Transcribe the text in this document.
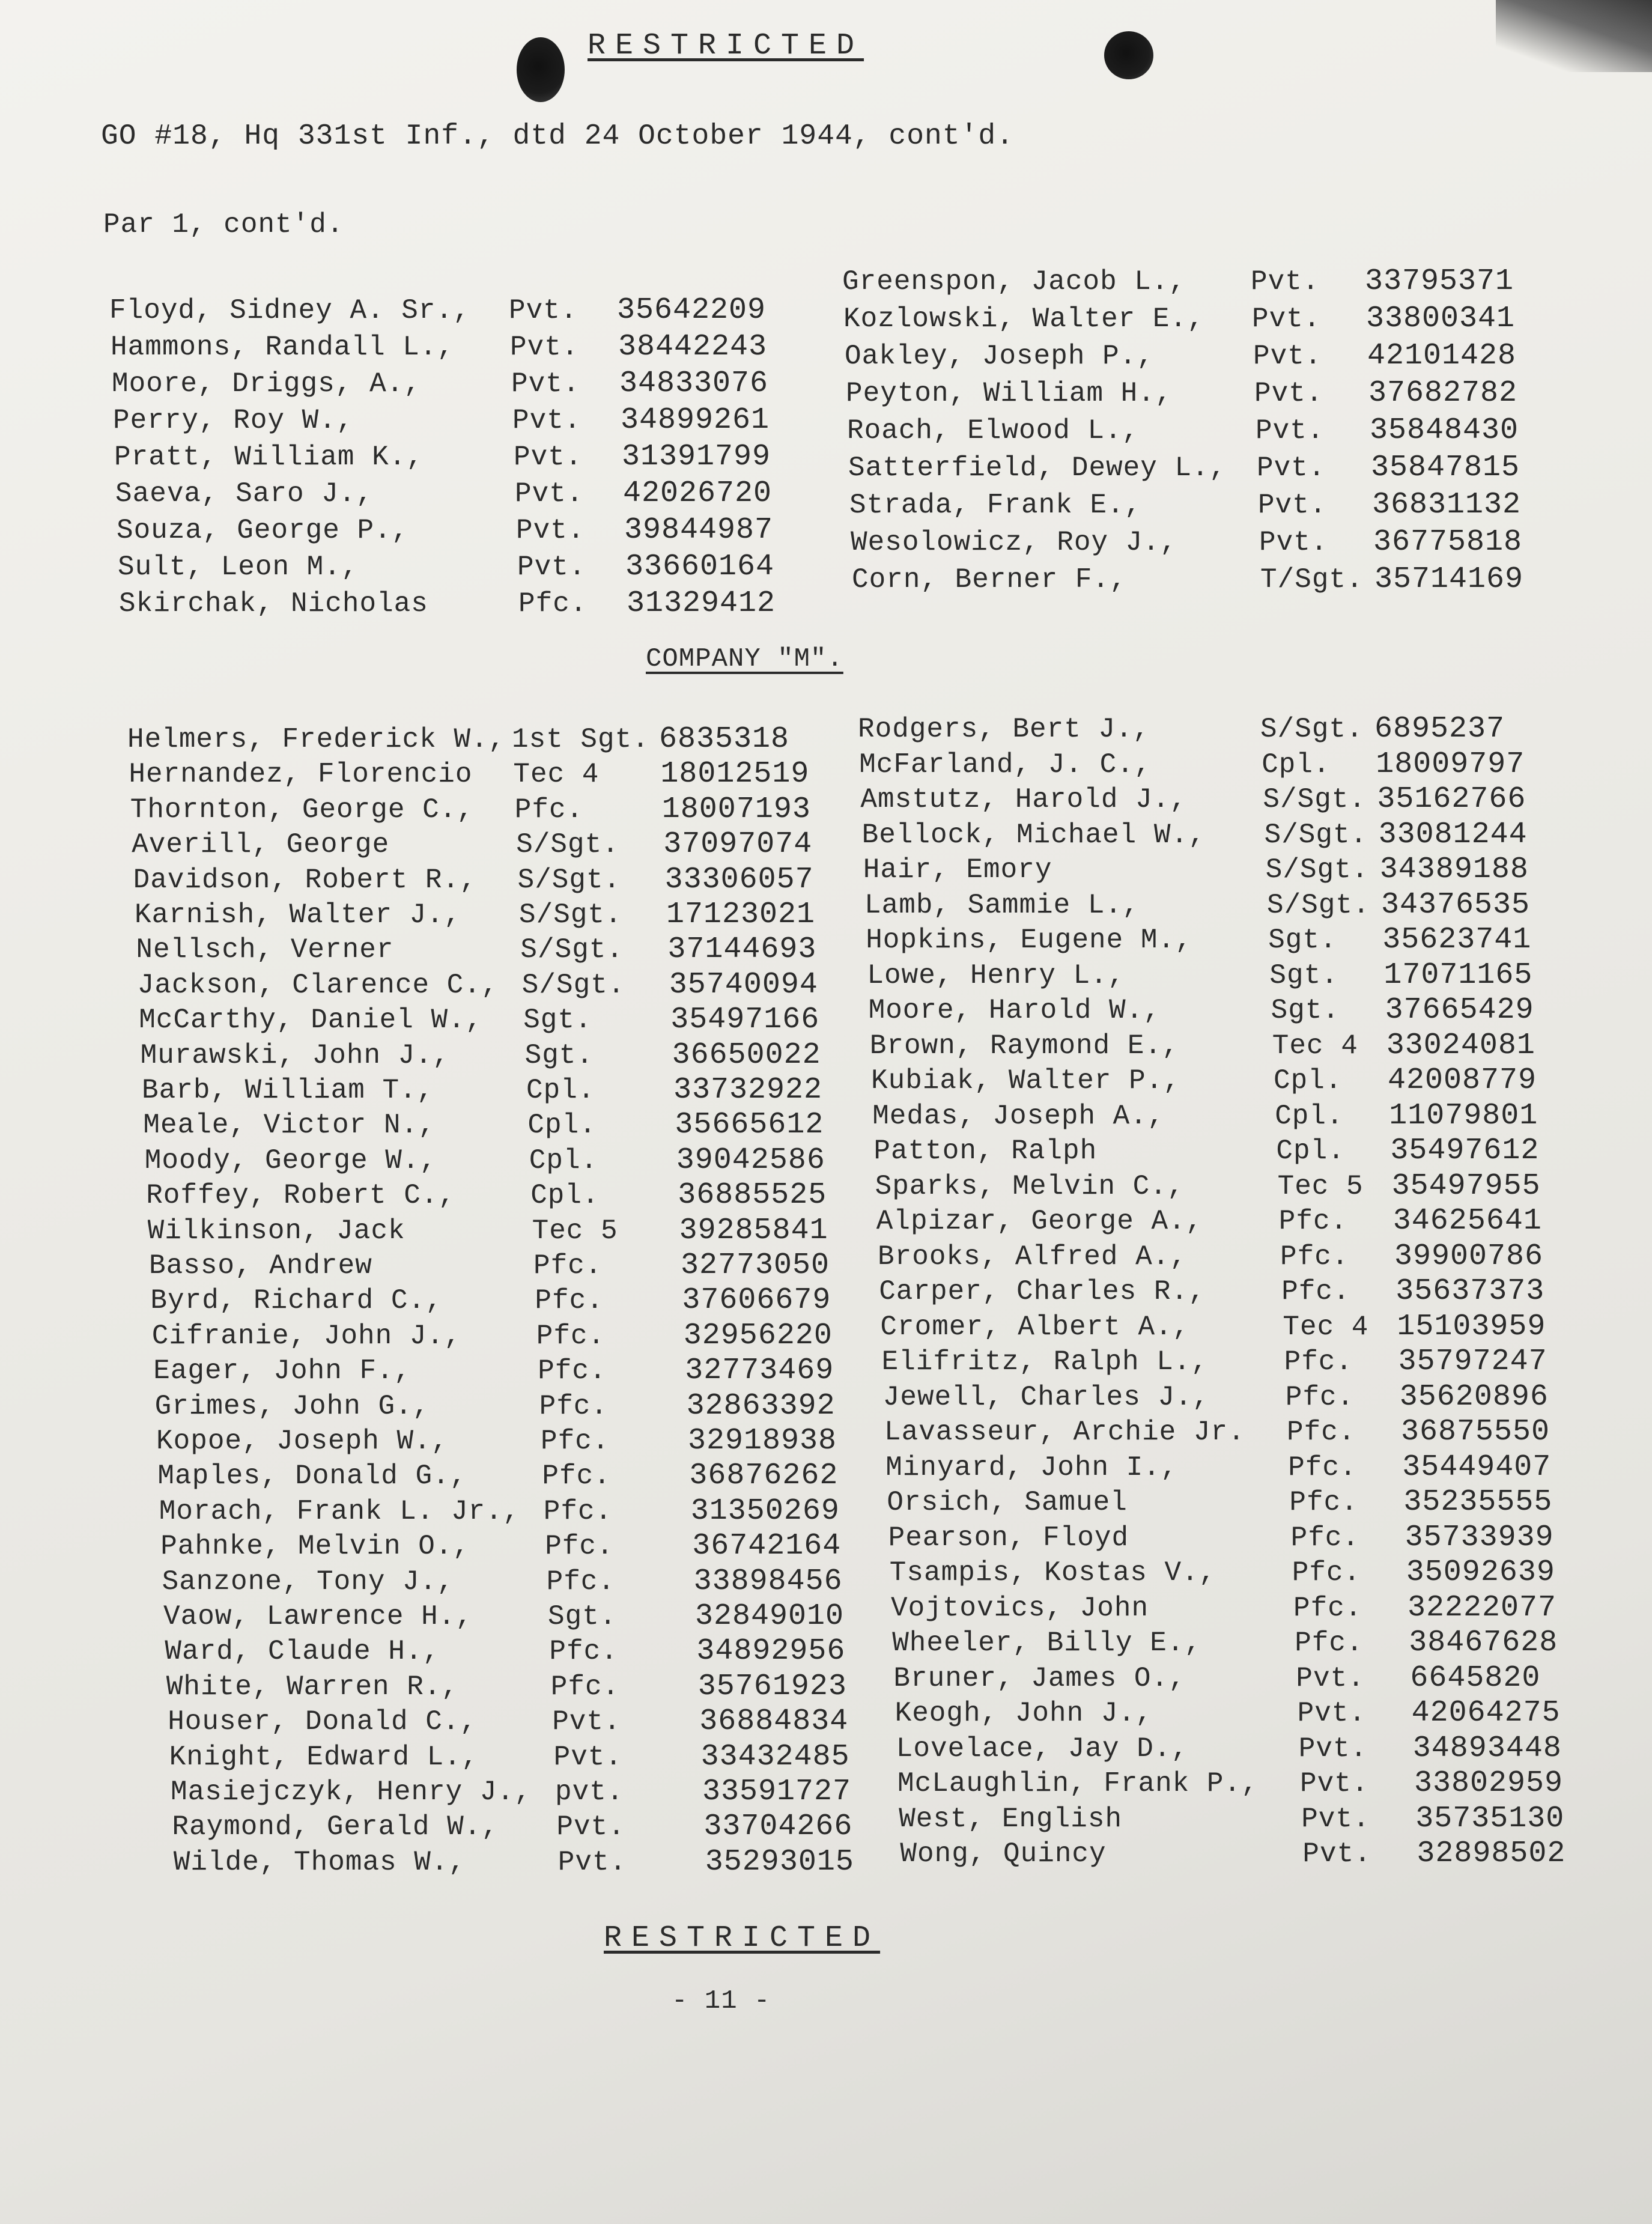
RESTRICTED
GO #18, Hq 331st Inf., dtd 24 October 1944, cont'd.
Par 1, cont'd.
Floyd, Sidney A. Sr.,	Pvt.	35642209
Hammons, Randall L.,	Pvt.	38442243
Moore, Driggs, A.,	Pvt.	34833076
Perry, Roy W.,	Pvt.	34899261
Pratt, William K.,	Pvt.	31391799
Saeva, Saro J.,	Pvt.	42026720
Souza, George P.,	Pvt.	39844987
Sult, Leon M.,	Pvt.	33660164
Skirchak, Nicholas	Pfc.	31329412
Greenspon, Jacob L.,	Pvt.	33795371
Kozlowski, Walter E.,	Pvt.	33800341
Oakley, Joseph P.,	Pvt.	42101428
Peyton, William H.,	Pvt.	37682782
Roach, Elwood L.,	Pvt.	35848430
Satterfield, Dewey L.,	Pvt.	35847815
Strada, Frank E.,	Pvt.	36831132
Wesolowicz, Roy J.,	Pvt.	36775818
Corn, Berner F.,	T/Sgt. 35714169
COMPANY "M".
Helmers, Frederick W., 1st Sgt. 6835318
Hernandez, Florencio	Tec 4	18012519
Thornton, George C.,	Pfc.	18007193
Averill, George	S/Sgt.	37097074
Davidson, Robert R.,	S/Sgt.	33306057
Karnish, Walter J.,	S/Sgt.	17123021
Nellsch, Verner	S/Sgt.	37144693
Jackson, Clarence C., S/Sgt.	35740094
McCarthy, Daniel W.,	Sgt.	35497166
Murawski, John J.,	Sgt.	36650022
Barb, William T.,	Cpl.	33732922
Meale, Victor N.,	Cpl.	35665612
Moody, George W.,	Cpl.	39042586
Roffey, Robert C.,	Cpl.	36885525
Wilkinson, Jack	Tec 5	39285841
Basso, Andrew	Pfc.	32773050
Byrd, Richard C.,	Pfc.	37606679
Cifranie, John J.,	Pfc.	32956220
Eager, John F.,	Pfc.	32773469
Grimes, John G.,	Pfc.	32863392
Kopoe, Joseph W.,	Pfc.	32918938
Maples, Donald G.,	Pfc.	36876262
Morach, Frank L. Jr., Pfc.	31350269
Pahnke, Melvin O.,	Pfc.	36742164
Sanzone, Tony J.,	Pfc.	33898456
Vaow, Lawrence H.,	Sgt.	32849010
Ward, Claude H.,	Pfc.	34892956
White, Warren R.,	Pfc.	35761923
Houser, Donald C.,	Pvt.	36884834
Knight, Edward L.,	Pvt.	33432485
Masiejczyk, Henry J., pvt.	33591727
Raymond, Gerald W.,	Pvt.	33704266
Wilde, Thomas W.,	Pvt.	35293015
Rodgers, Bert J.,	S/Sgt. 6895237
McFarland, J. C.,	Cpl.	18009797
Amstutz, Harold J.,	S/Sgt. 35162766
Bellock, Michael W.,	S/Sgt. 33081244
Hair, Emory	S/Sgt. 34389188
Lamb, Sammie L.,	S/Sgt. 34376535
Hopkins, Eugene M.,	Sgt.	35623741
Lowe, Henry L.,	Sgt.	17071165
Moore, Harold W.,	Sgt.	37665429
Brown, Raymond E.,	Tec 4 33024081
Kubiak, Walter P.,	Cpl.	42008779
Medas, Joseph A.,	Cpl.	11079801
Patton, Ralph	Cpl.	35497612
Sparks, Melvin C.,	Tec 5 35497955
Alpizar, George A.,	Pfc.	34625641
Brooks, Alfred A.,	Pfc.	39900786
Carper, Charles R.,	Pfc.	35637373
Cromer, Albert A.,	Tec 4 15103959
Elifritz, Ralph L.,	Pfc.	35797247
Jewell, Charles J.,	Pfc.	35620896
Lavasseur, Archie Jr.	Pfc.	36875550
Minyard, John I.,	Pfc.	35449407
Orsich, Samuel	Pfc.	35235555
Pearson, Floyd	Pfc.	35733939
Tsampis, Kostas V.,	Pfc.	35092639
Vojtovics, John	Pfc.	32222077
Wheeler, Billy E.,	Pfc.	38467628
Bruner, James O.,	Pvt.	6645820
Keogh, John J.,	Pvt.	42064275
Lovelace, Jay D.,	Pvt.	34893448
McLaughlin, Frank P.,	Pvt.	33802959
West, English	Pvt.	35735130
Wong, Quincy	Pvt.	32898502
RESTRICTED
- 11 -
